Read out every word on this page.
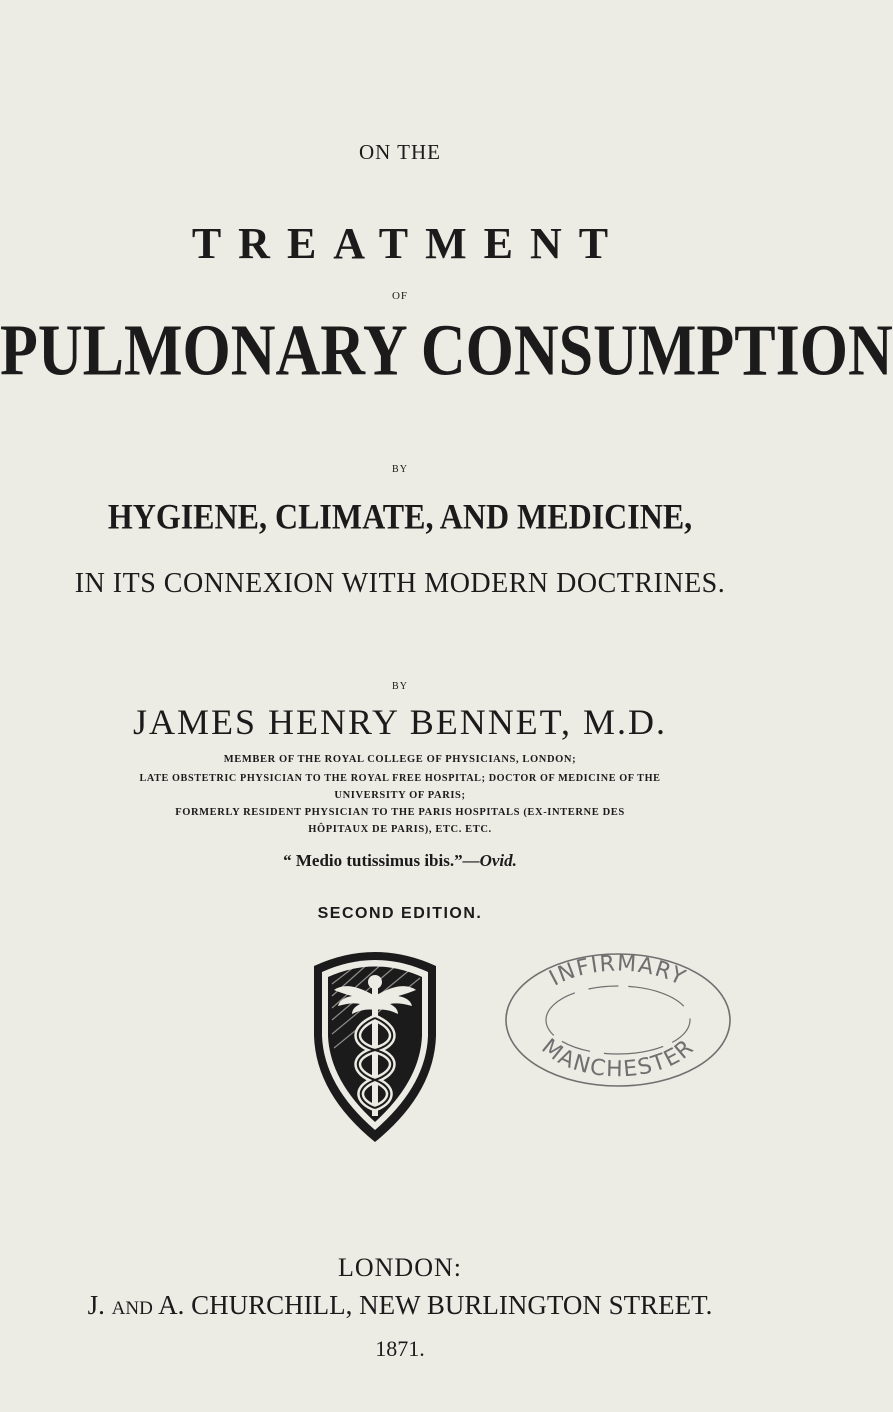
ON THE
TREATMENT
OF
PULMONARY CONSUMPTION
BY
HYGIENE, CLIMATE, AND MEDICINE,
IN ITS CONNEXION WITH MODERN DOCTRINES.
BY
JAMES HENRY BENNET, M.D.
MEMBER OF THE ROYAL COLLEGE OF PHYSICIANS, LONDON;
LATE OBSTETRIC PHYSICIAN TO THE ROYAL FREE HOSPITAL; DOCTOR OF MEDICINE OF THE
UNIVERSITY OF PARIS;
FORMERLY RESIDENT PHYSICIAN TO THE PARIS HOSPITALS (EX-INTERNE DES
HÔPITAUX DE PARIS), ETC. ETC.
“ Medio tutissimus ibis.”—Ovid.
SECOND EDITION.
INFIRMARY
MANCHESTER
LONDON:
J. AND A. CHURCHILL, NEW BURLINGTON STREET.
1871.
